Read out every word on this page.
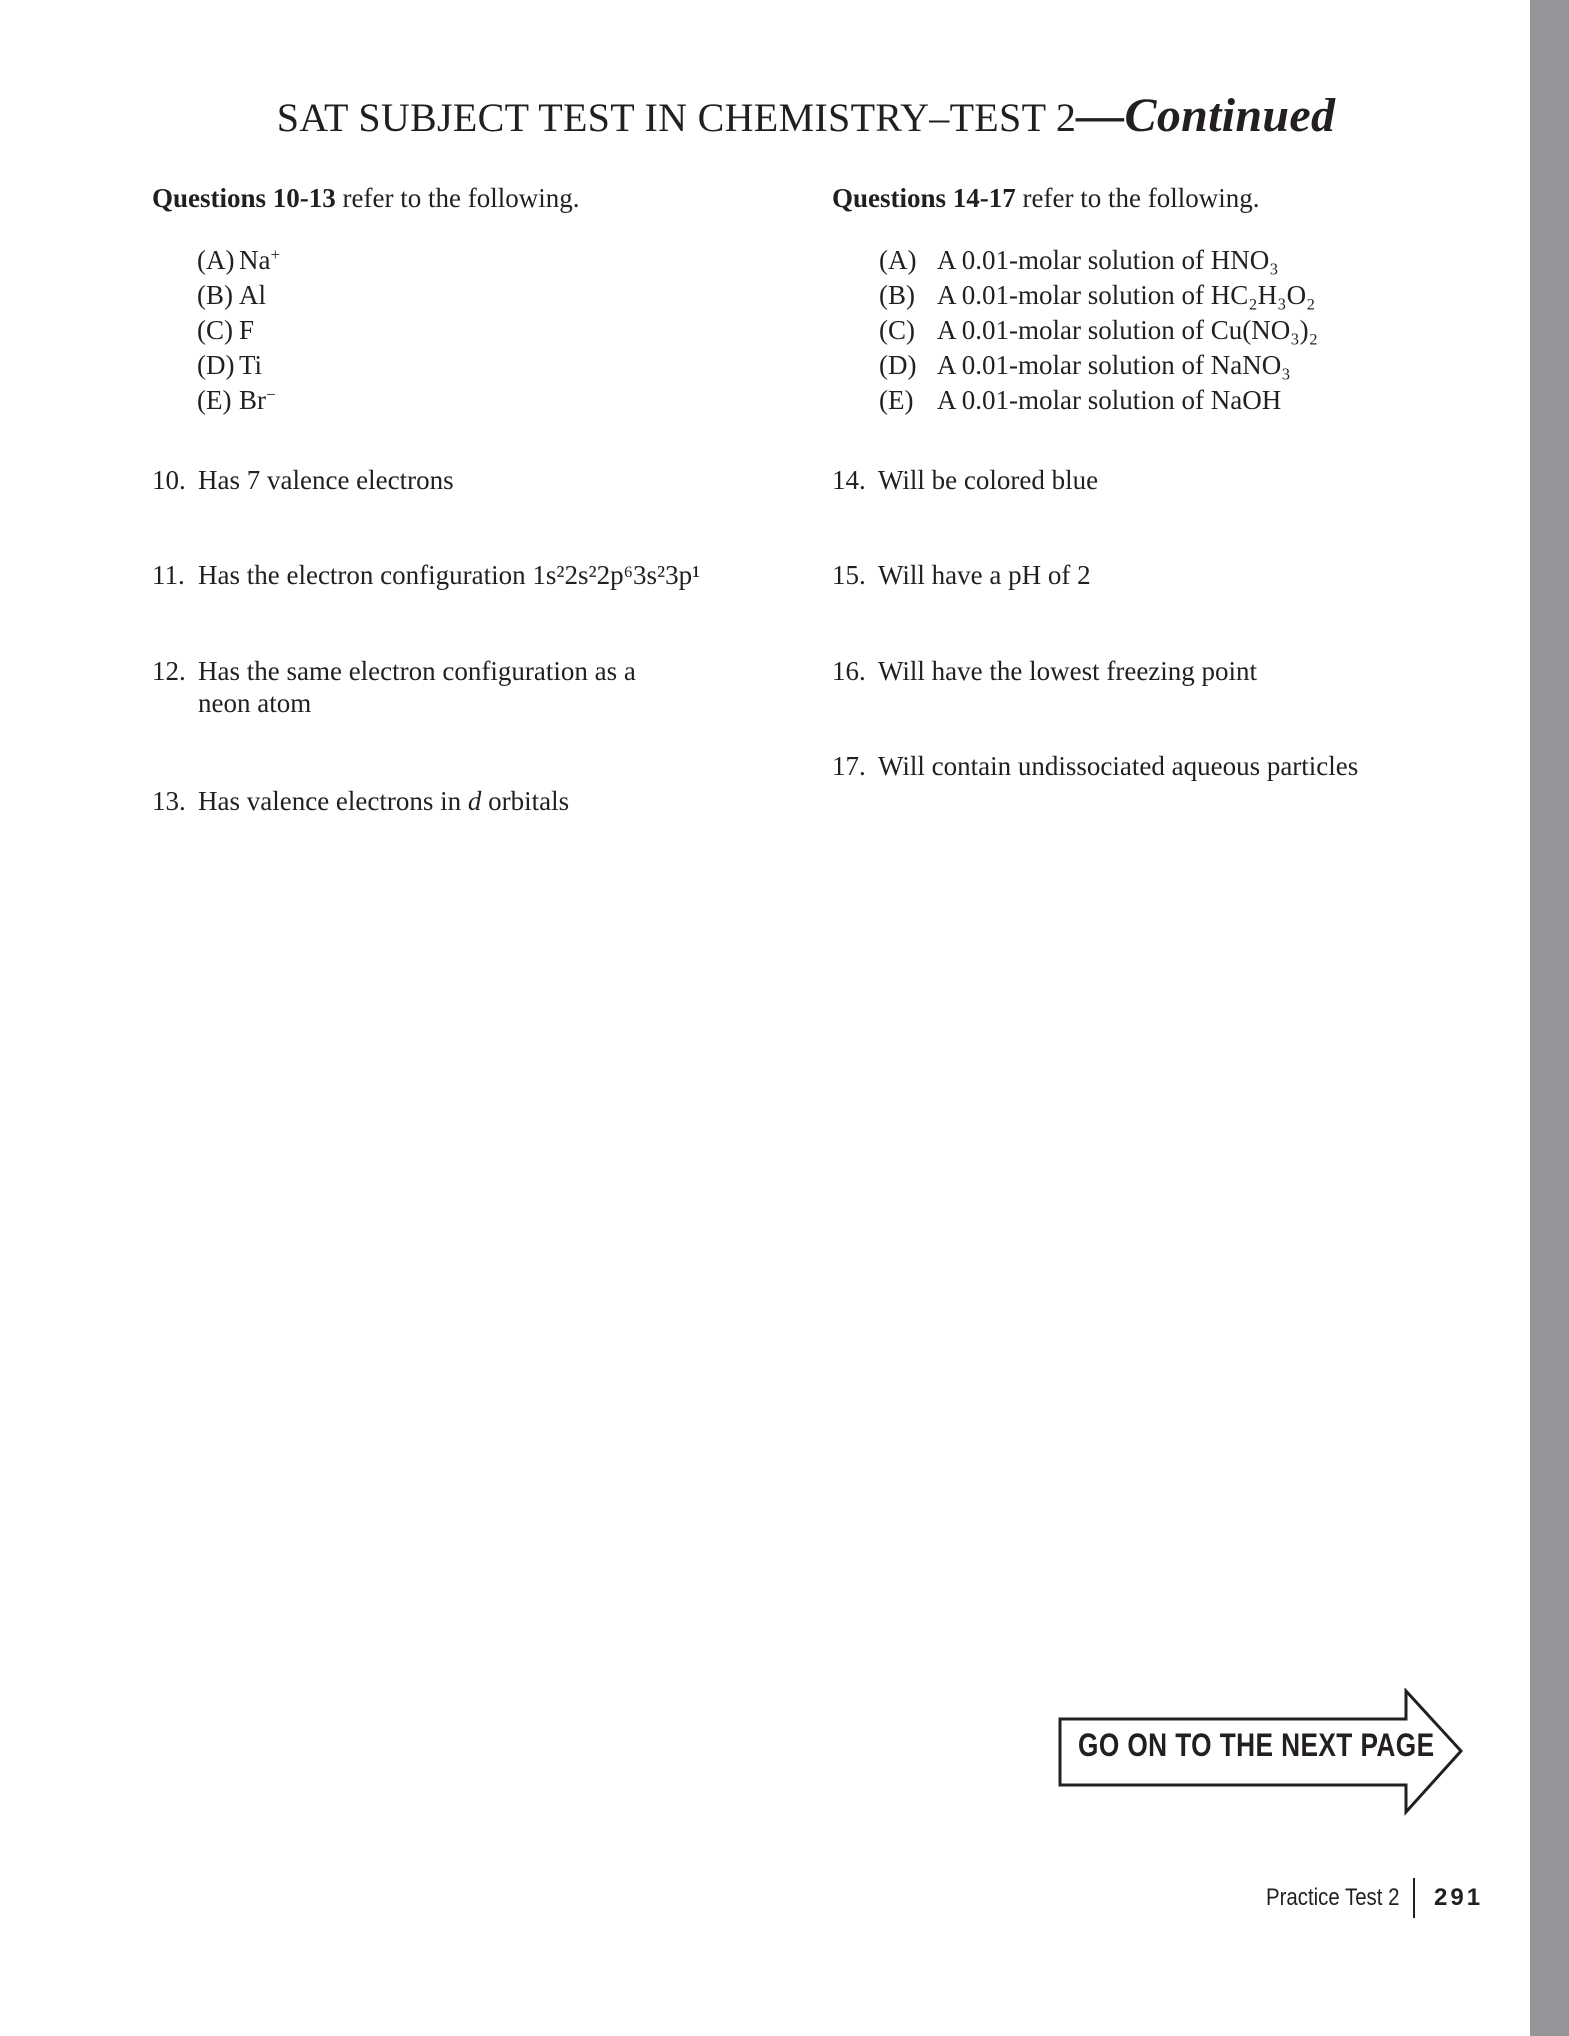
SAT SUBJECT TEST IN CHEMISTRY–TEST 2—Continued
Questions 10-13 refer to the following.
(A) Na+
(B) Al
(C) F
(D) Ti
(E) Br−
10. Has 7 valence electrons
11. Has the electron configuration 1s²2s²2p⁶3s²3p¹
12. Has the same electron configuration as a
neon atom
13. Has valence electrons in d orbitals
Questions 14-17 refer to the following.
(A) A 0.01-molar solution of HNO₃
(B) A 0.01-molar solution of HC₂H₃O₂
(C) A 0.01-molar solution of Cu(NO₃)₂
(D) A 0.01-molar solution of NaNO₃
(E) A 0.01-molar solution of NaOH
14. Will be colored blue
15. Will have a pH of 2
16. Will have the lowest freezing point
17. Will contain undissociated aqueous particles
GO ON TO THE NEXT PAGE
Practice Test 2 291
